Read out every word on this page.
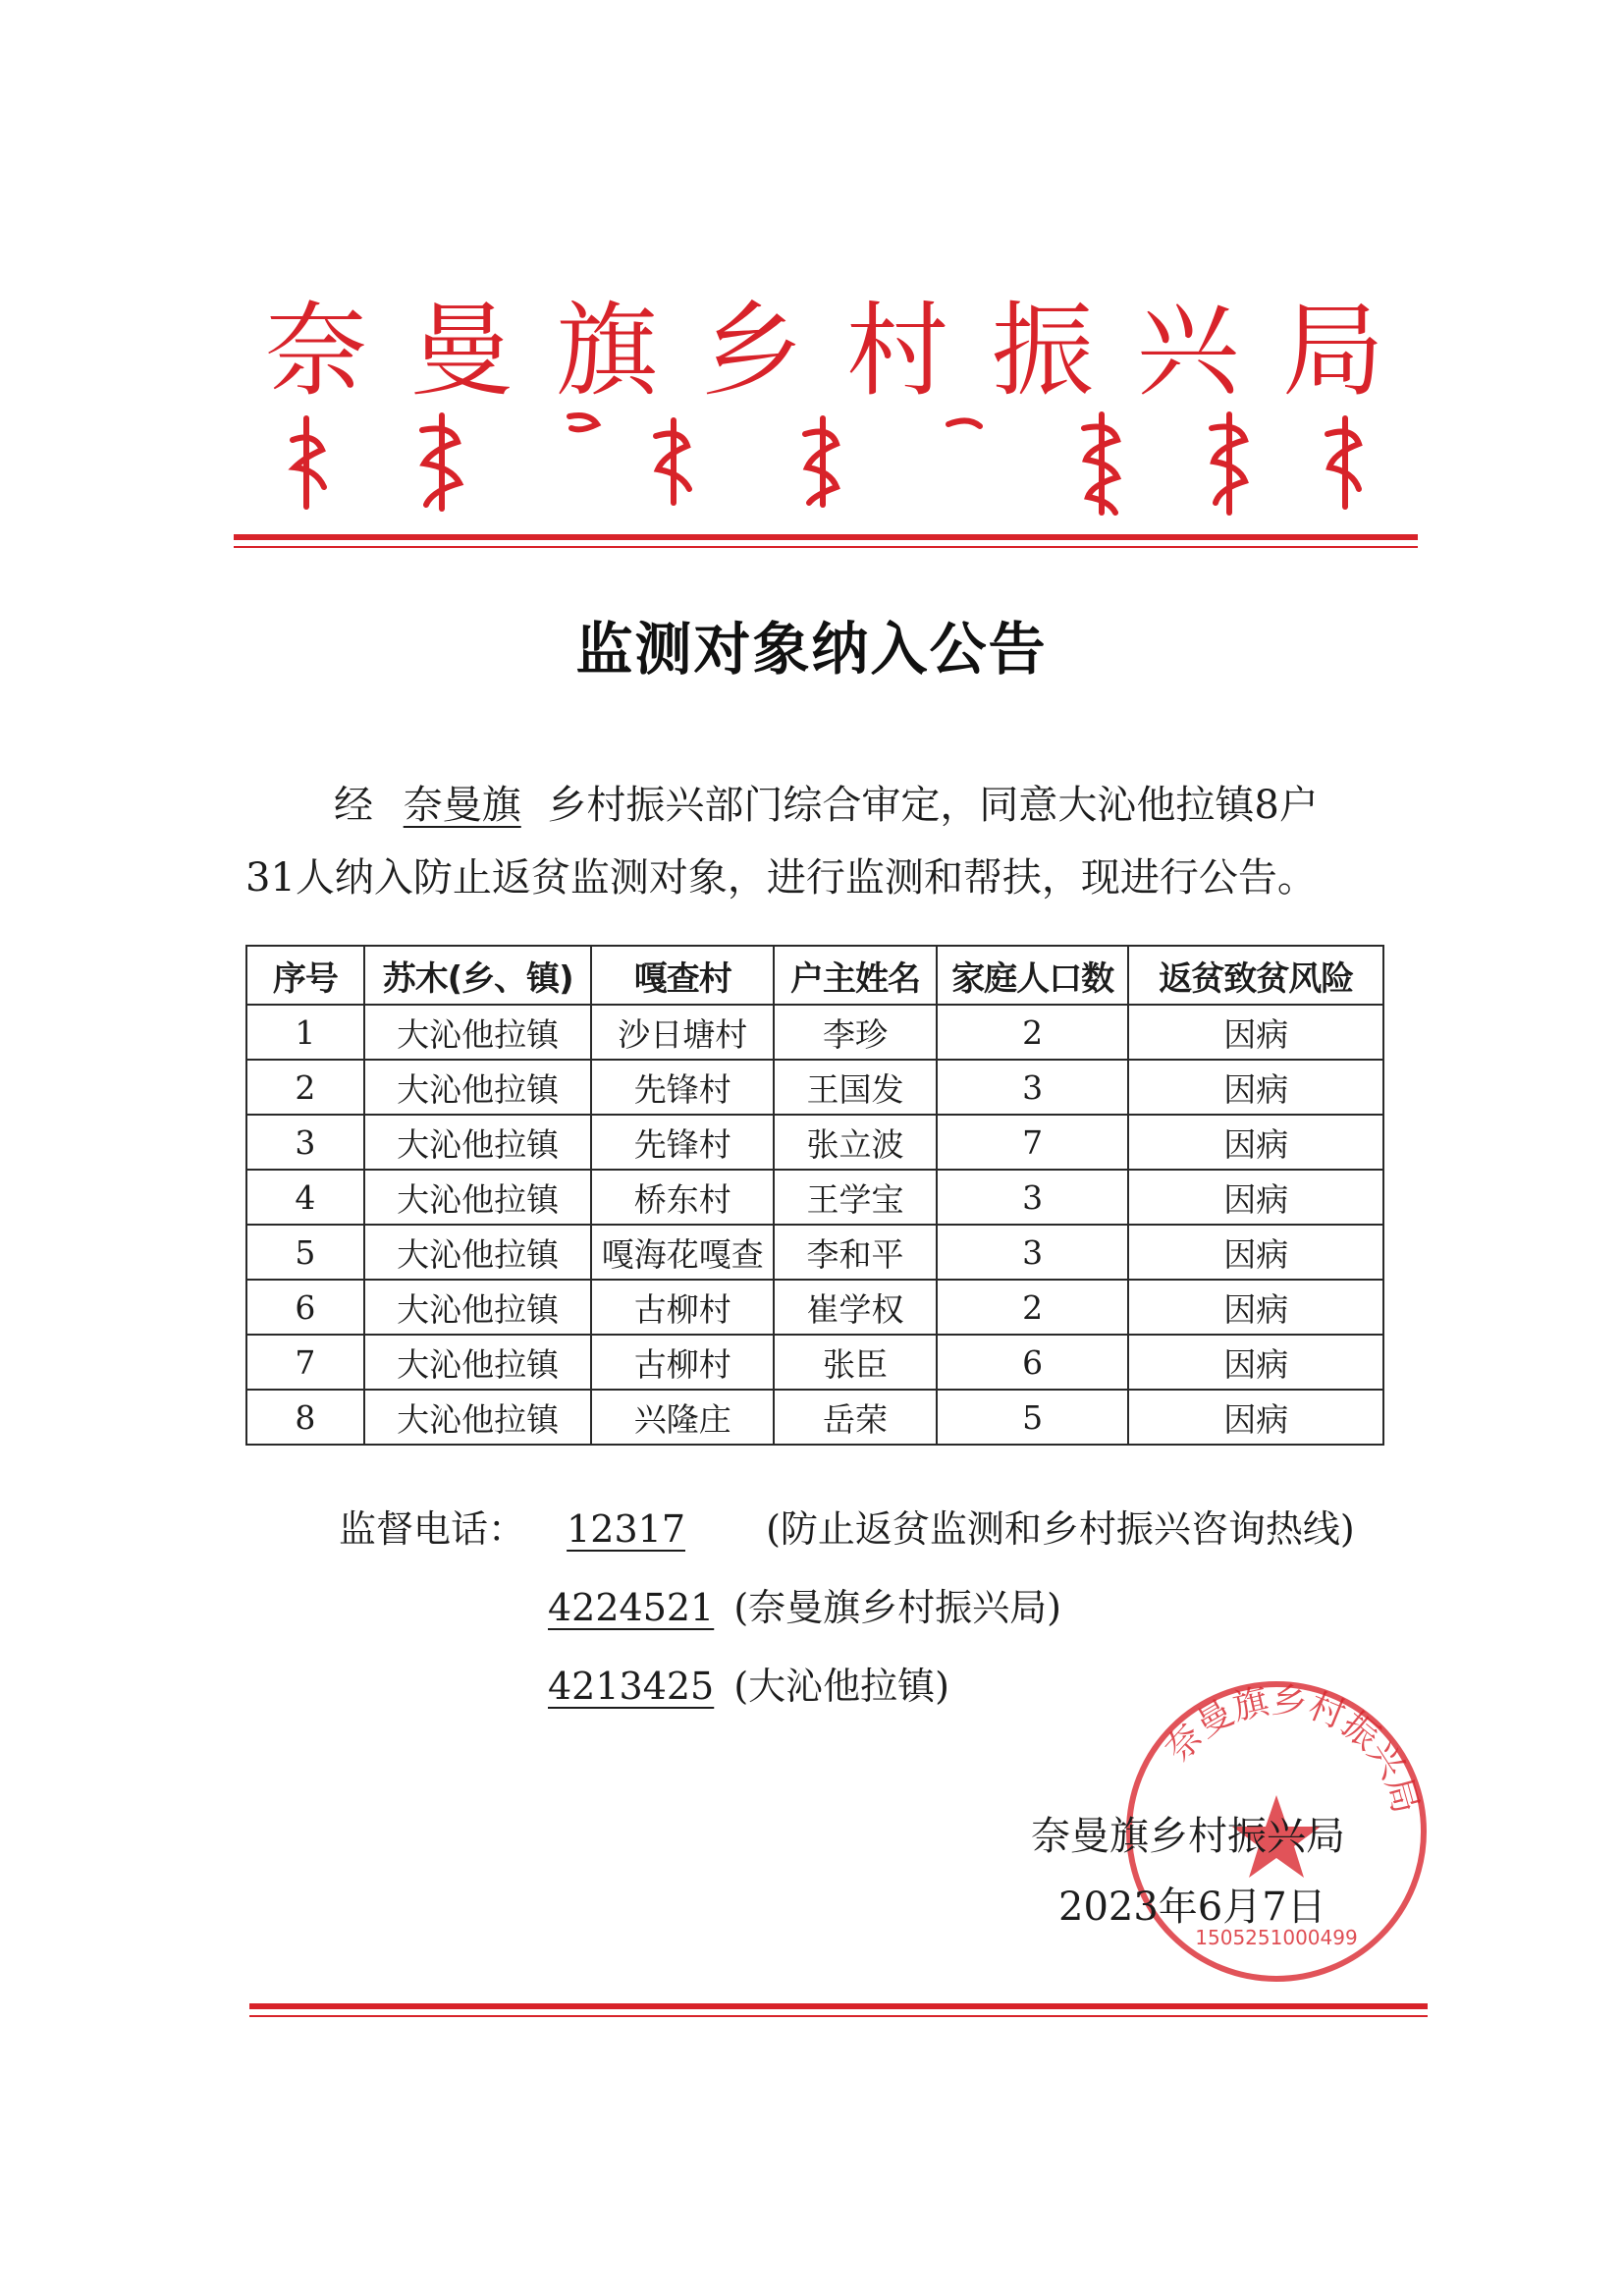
奈 曼 旗 乡 村 振 兴 局
监测对象纳入公告
经 奈曼旗 乡村振兴部门综合审定，同意大沁他拉镇8户
31人纳入防止返贫监测对象，进行监测和帮扶，现进行公告。
序号	苏木(乡、镇)	嘎查村	户主姓名	家庭人口数	返贫致贫风险
1	大沁他拉镇	沙日塘村	李珍	2	因病
2	大沁他拉镇	先锋村	王国发	3	因病
3	大沁他拉镇	先锋村	张立波	7	因病
4	大沁他拉镇	桥东村	王学宝	3	因病
5	大沁他拉镇	嘎海花嘎查	李和平	3	因病
6	大沁他拉镇	古柳村	崔学权	2	因病
7	大沁他拉镇	古柳村	张臣	6	因病
8	大沁他拉镇	兴隆庄	岳荣	5	因病
监督电话： 12317 (防止返贫监测和乡村振兴咨询热线)
4224521 (奈曼旗乡村振兴局)
4213425 (大沁他拉镇)
奈曼旗乡村振兴局
1505251000499
奈曼旗乡村振兴局
2023年6月7日
